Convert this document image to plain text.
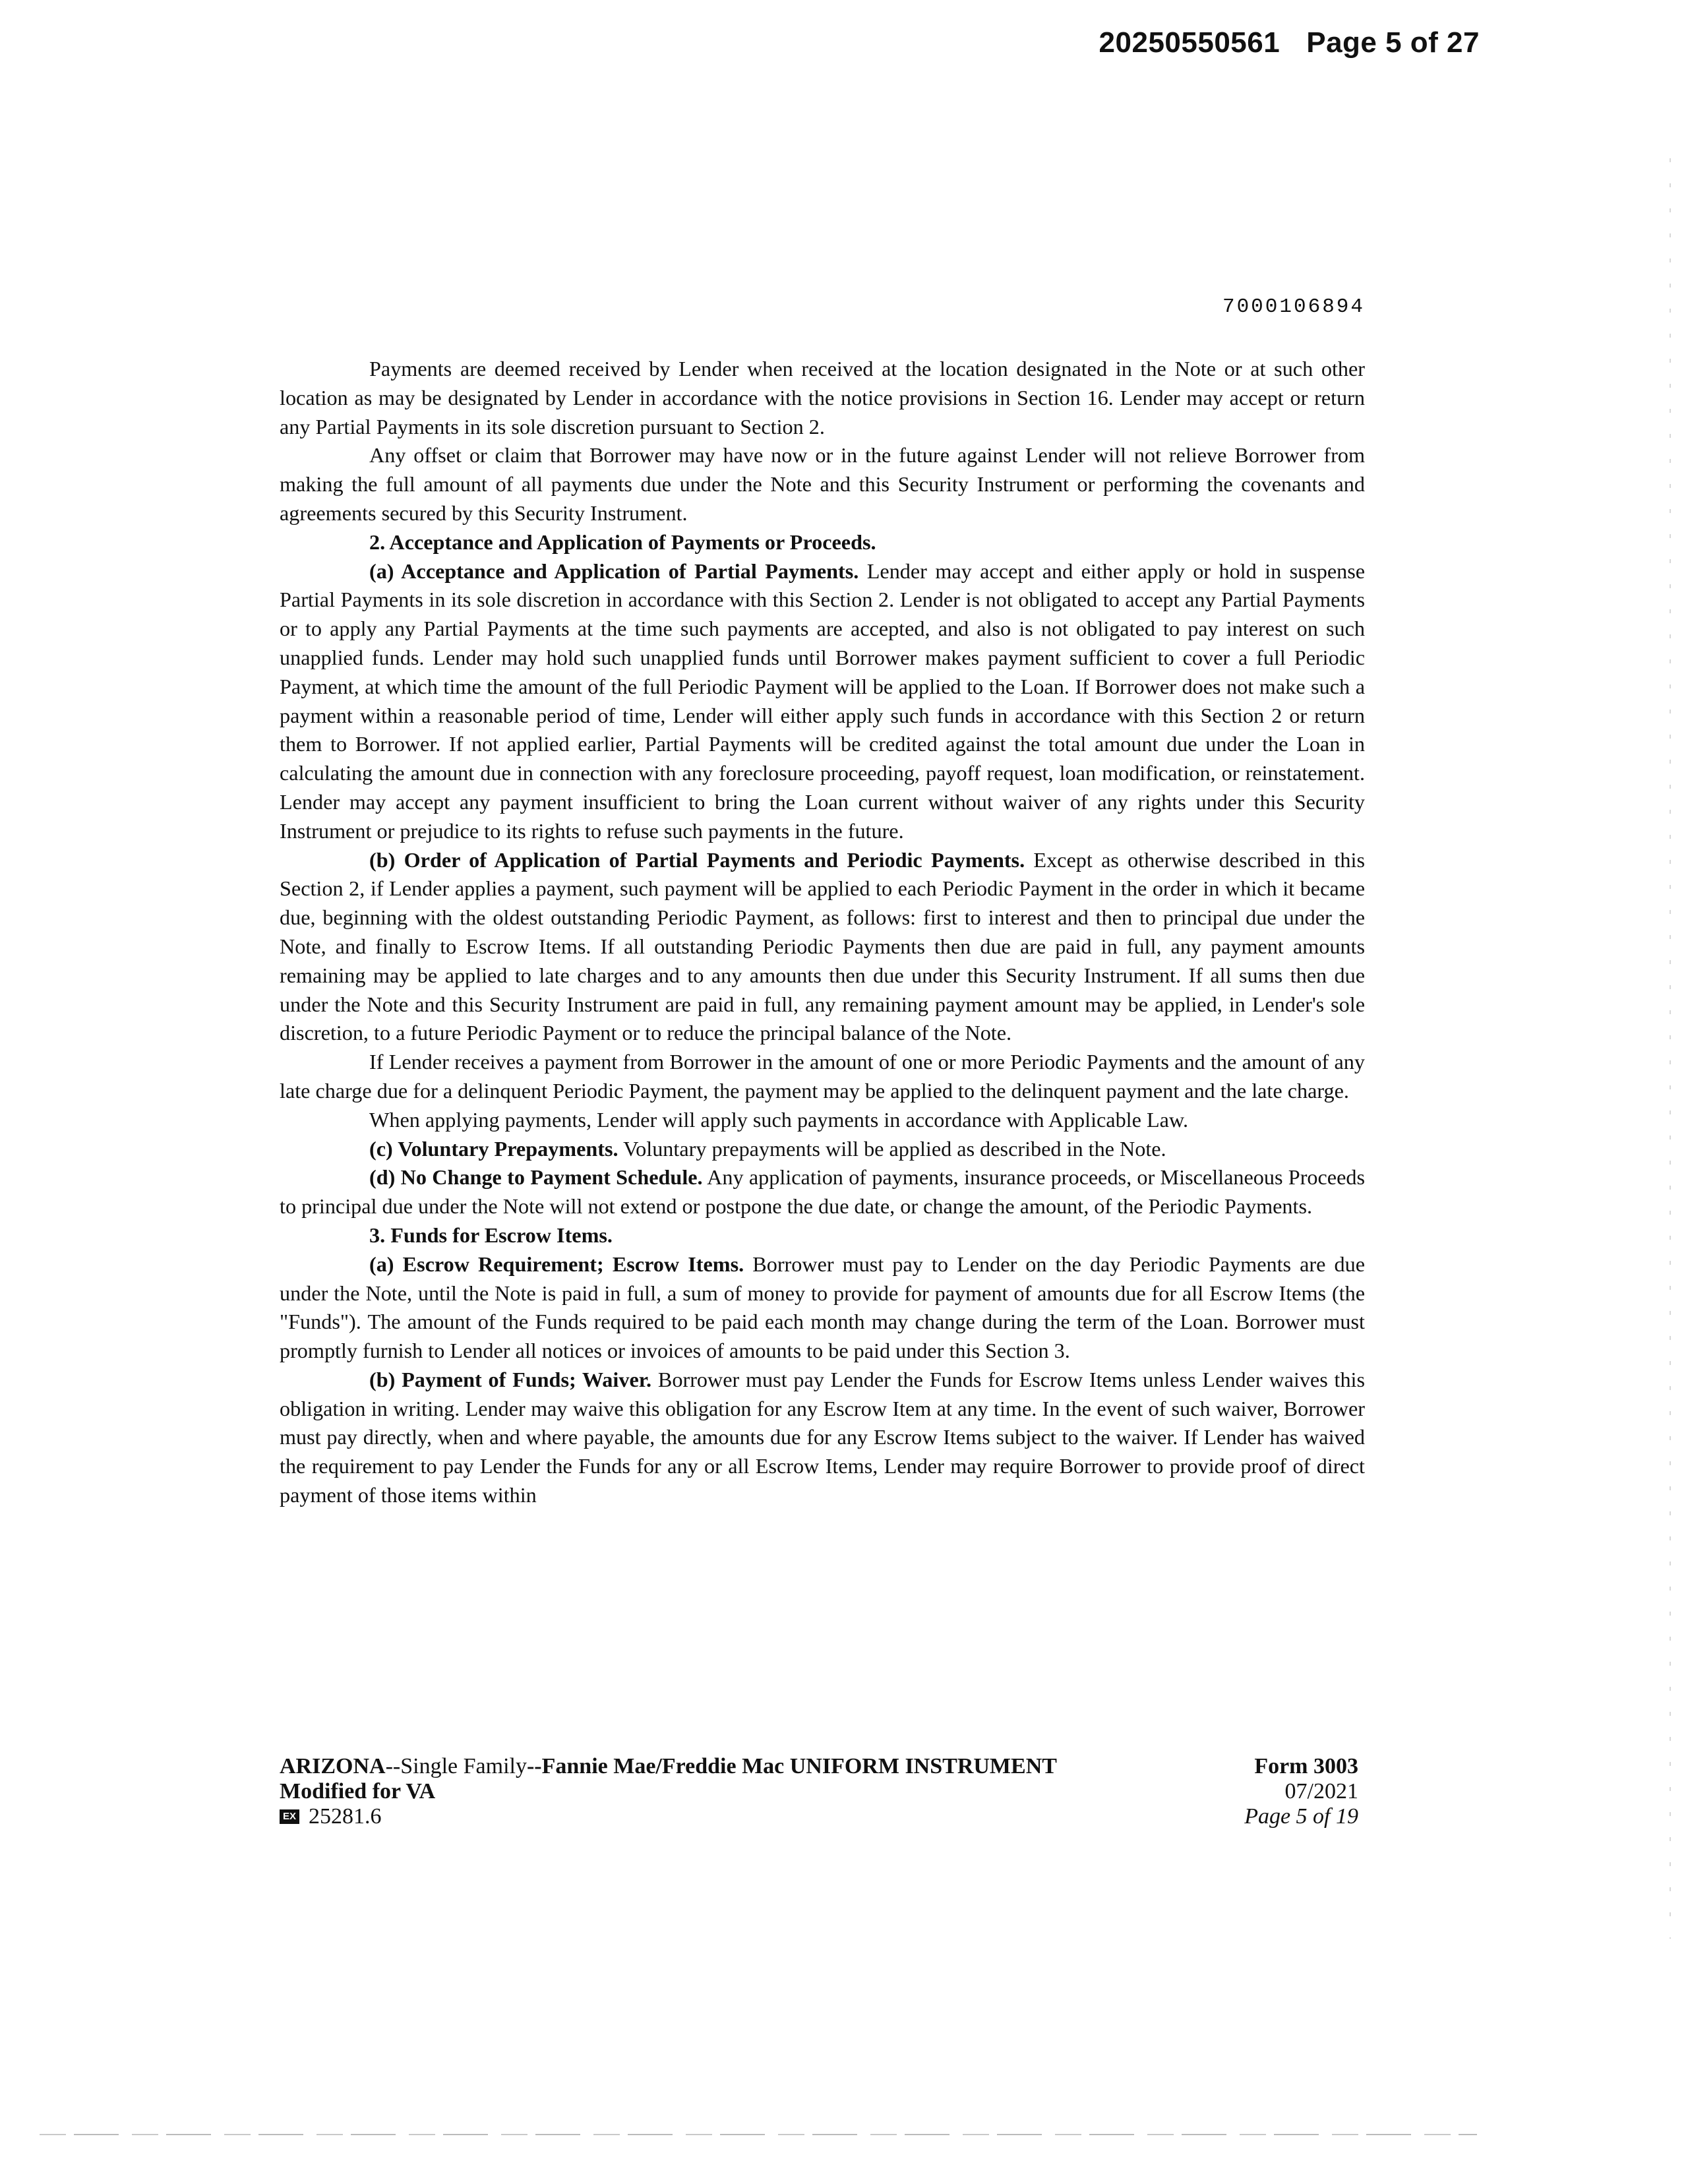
20250550561 Page 5 of 27
7000106894

Payments are deemed received by Lender when received at the location designated in the Note or at such other location as may be designated by Lender in accordance with the notice provisions in Section 16. Lender may accept or return any Partial Payments in its sole discretion pursuant to Section 2.

Any offset or claim that Borrower may have now or in the future against Lender will not relieve Borrower from making the full amount of all payments due under the Note and this Security Instrument or performing the covenants and agreements secured by this Security Instrument.

2. Acceptance and Application of Payments or Proceeds.

(a) Acceptance and Application of Partial Payments. Lender may accept and either apply or hold in suspense Partial Payments in its sole discretion in accordance with this Section 2. Lender is not obligated to accept any Partial Payments or to apply any Partial Payments at the time such payments are accepted, and also is not obligated to pay interest on such unapplied funds. Lender may hold such unapplied funds until Borrower makes payment sufficient to cover a full Periodic Payment, at which time the amount of the full Periodic Payment will be applied to the Loan. If Borrower does not make such a payment within a reasonable period of time, Lender will either apply such funds in accordance with this Section 2 or return them to Borrower. If not applied earlier, Partial Payments will be credited against the total amount due under the Loan in calculating the amount due in connection with any foreclosure proceeding, payoff request, loan modification, or reinstatement. Lender may accept any payment insufficient to bring the Loan current without waiver of any rights under this Security Instrument or prejudice to its rights to refuse such payments in the future.

(b) Order of Application of Partial Payments and Periodic Payments. Except as otherwise described in this Section 2, if Lender applies a payment, such payment will be applied to each Periodic Payment in the order in which it became due, beginning with the oldest outstanding Periodic Payment, as follows: first to interest and then to principal due under the Note, and finally to Escrow Items. If all outstanding Periodic Payments then due are paid in full, any payment amounts remaining may be applied to late charges and to any amounts then due under this Security Instrument. If all sums then due under the Note and this Security Instrument are paid in full, any remaining payment amount may be applied, in Lender's sole discretion, to a future Periodic Payment or to reduce the principal balance of the Note.

If Lender receives a payment from Borrower in the amount of one or more Periodic Payments and the amount of any late charge due for a delinquent Periodic Payment, the payment may be applied to the delinquent payment and the late charge.

When applying payments, Lender will apply such payments in accordance with Applicable Law.

(c) Voluntary Prepayments. Voluntary prepayments will be applied as described in the Note.

(d) No Change to Payment Schedule. Any application of payments, insurance proceeds, or Miscellaneous Proceeds to principal due under the Note will not extend or postpone the due date, or change the amount, of the Periodic Payments.

3. Funds for Escrow Items.

(a) Escrow Requirement; Escrow Items. Borrower must pay to Lender on the day Periodic Payments are due under the Note, until the Note is paid in full, a sum of money to provide for payment of amounts due for all Escrow Items (the "Funds"). The amount of the Funds required to be paid each month may change during the term of the Loan. Borrower must promptly furnish to Lender all notices or invoices of amounts to be paid under this Section 3.

(b) Payment of Funds; Waiver. Borrower must pay Lender the Funds for Escrow Items unless Lender waives this obligation in writing. Lender may waive this obligation for any Escrow Item at any time. In the event of such waiver, Borrower must pay directly, when and where payable, the amounts due for any Escrow Items subject to the waiver. If Lender has waived the requirement to pay Lender the Funds for any or all Escrow Items, Lender may require Borrower to provide proof of direct payment of those items within

ARIZONA--Single Family--Fannie Mae/Freddie Mac UNIFORM INSTRUMENT
Modified for VA
EX 25281.6
Form 3003
07/2021
Page 5 of 19
